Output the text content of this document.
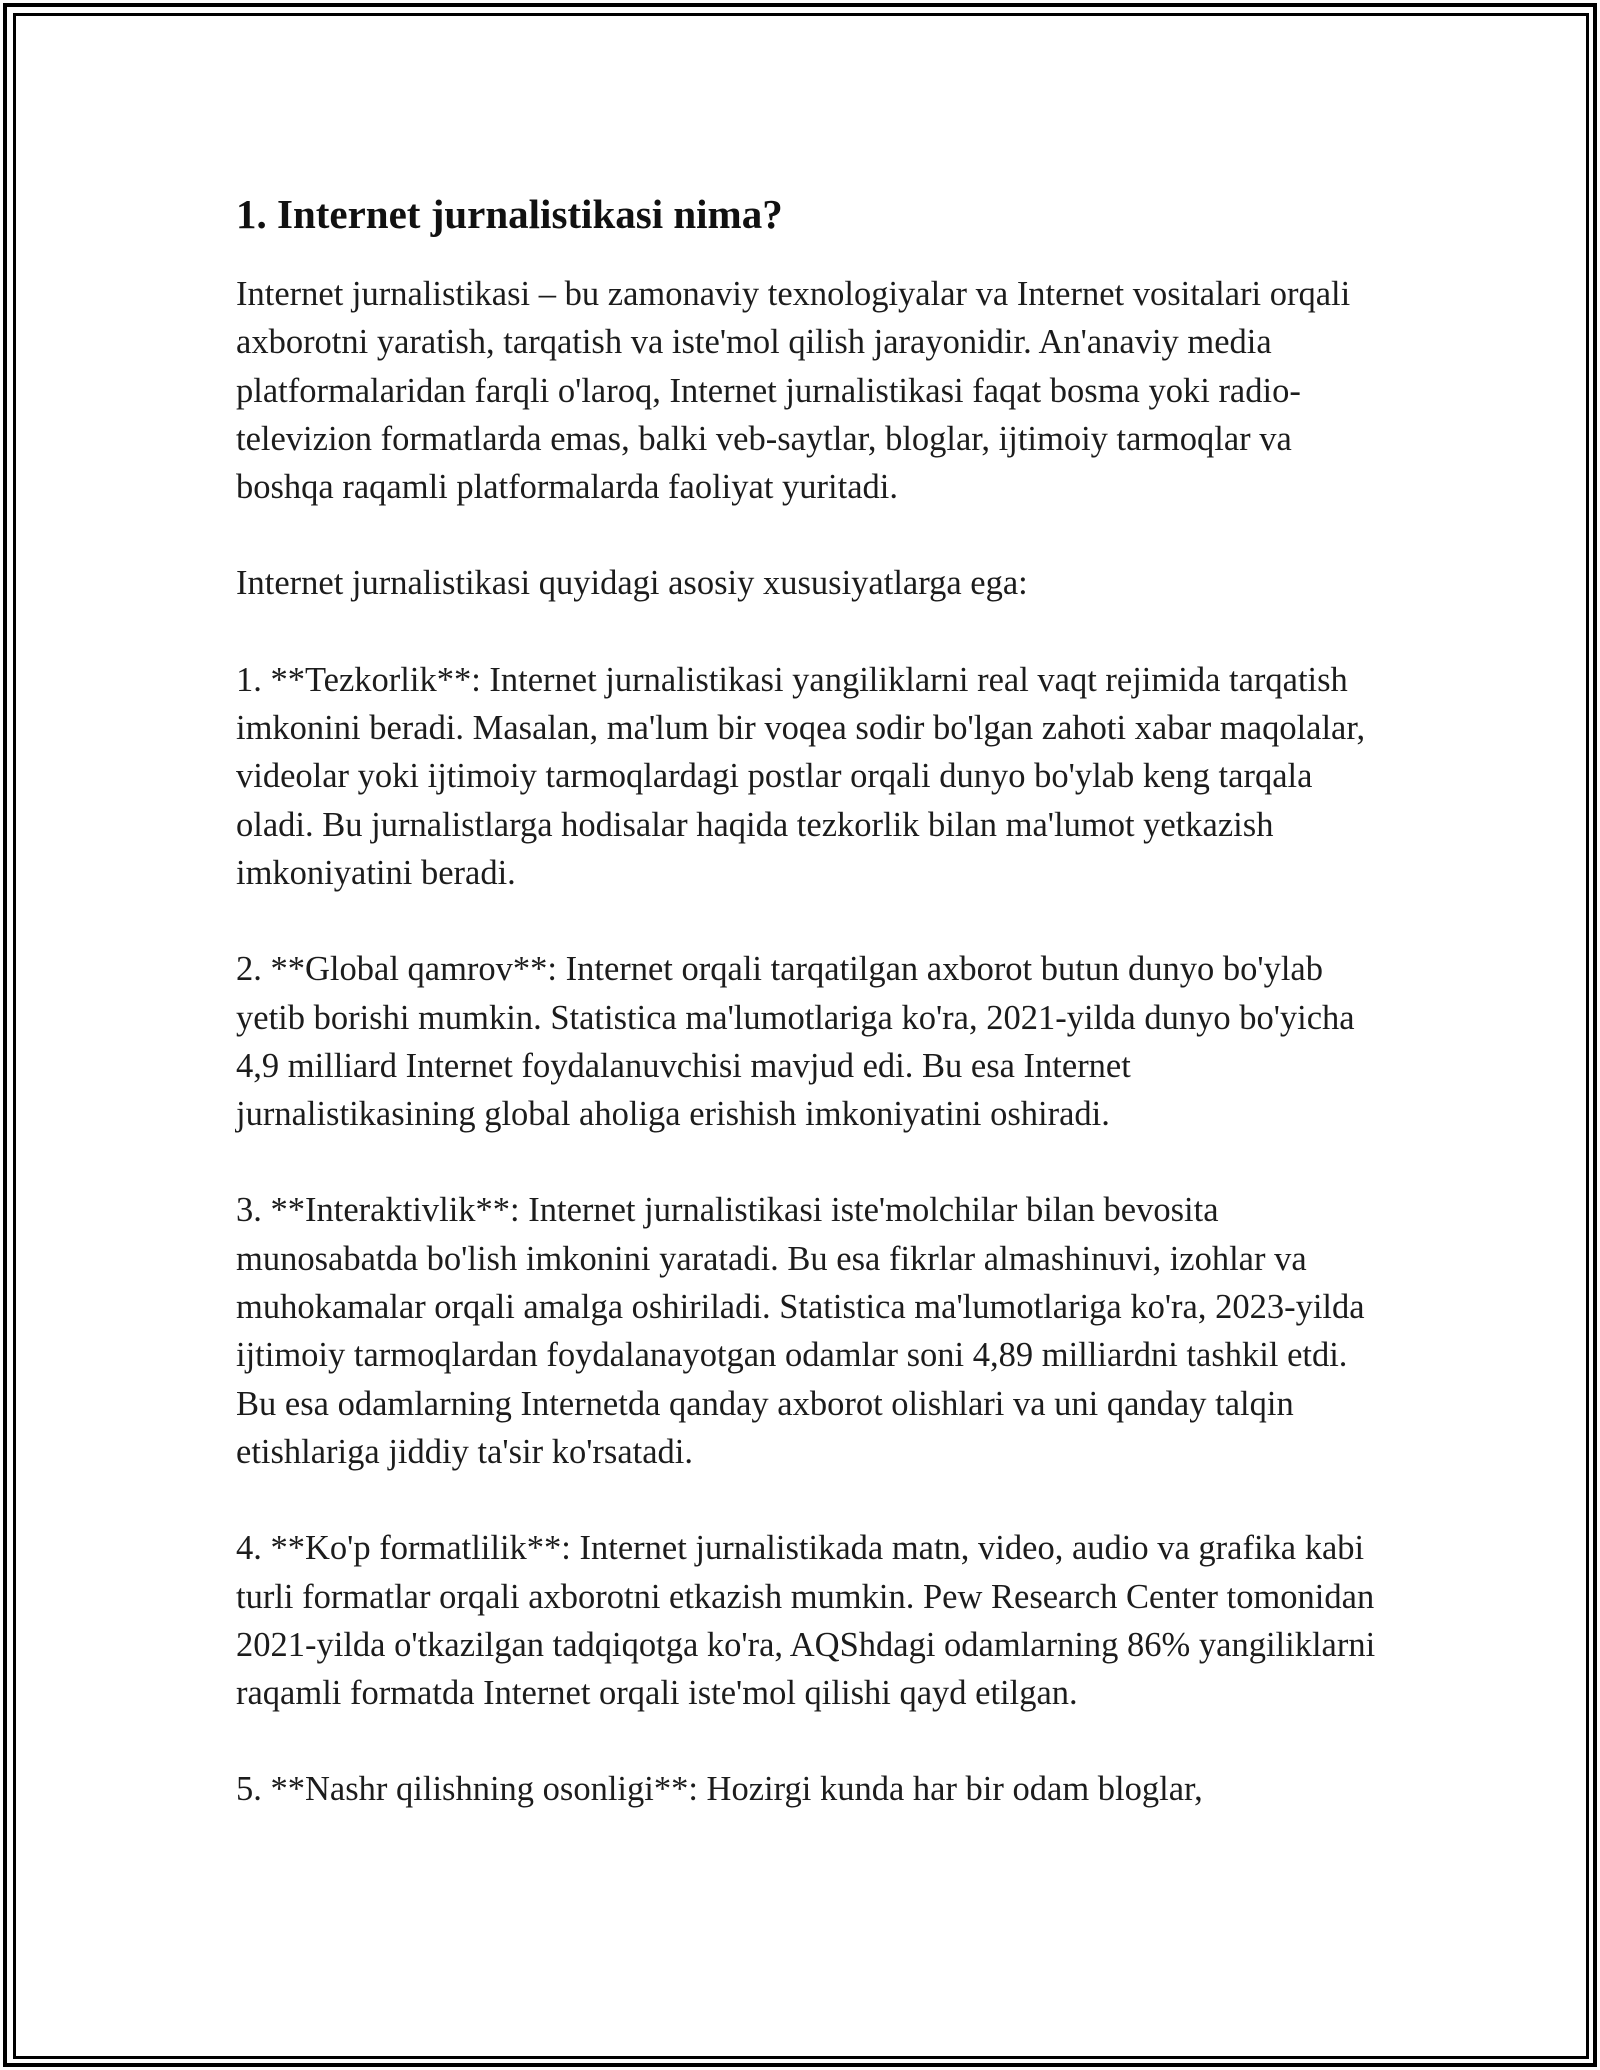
1. Internet jurnalistikasi nima?

Internet jurnalistikasi – bu zamonaviy texnologiyalar va Internet vositalari orqali axborotni yaratish, tarqatish va iste'mol qilish jarayonidir. An'anaviy media platformalaridan farqli o'laroq, Internet jurnalistikasi faqat bosma yoki radio-televizion formatlarda emas, balki veb-saytlar, bloglar, ijtimoiy tarmoqlar va boshqa raqamli platformalarda faoliyat yuritadi.

Internet jurnalistikasi quyidagi asosiy xususiyatlarga ega:

1. **Tezkorlik**: Internet jurnalistikasi yangiliklarni real vaqt rejimida tarqatish imkonini beradi. Masalan, ma'lum bir voqea sodir bo'lgan zahoti xabar maqolalar, videolar yoki ijtimoiy tarmoqlardagi postlar orqali dunyo bo'ylab keng tarqala oladi. Bu jurnalistlarga hodisalar haqida tezkorlik bilan ma'lumot yetkazish imkoniyatini beradi.

2. **Global qamrov**: Internet orqali tarqatilgan axborot butun dunyo bo'ylab yetib borishi mumkin. Statistica ma'lumotlariga ko'ra, 2021-yilda dunyo bo'yicha 4,9 milliard Internet foydalanuvchisi mavjud edi. Bu esa Internet jurnalistikasining global aholiga erishish imkoniyatini oshiradi.

3. **Interaktivlik**: Internet jurnalistikasi iste'molchilar bilan bevosita munosabatda bo'lish imkonini yaratadi. Bu esa fikrlar almashinuvi, izohlar va muhokamalar orqali amalga oshiriladi. Statistica ma'lumotlariga ko'ra, 2023-yilda ijtimoiy tarmoqlardan foydalanayotgan odamlar soni 4,89 milliardni tashkil etdi. Bu esa odamlarning Internetda qanday axborot olishlari va uni qanday talqin etishlariga jiddiy ta'sir ko'rsatadi.

4. **Ko'p formatlilik**: Internet jurnalistikada matn, video, audio va grafika kabi turli formatlar orqali axborotni etkazish mumkin. Pew Research Center tomonidan 2021-yilda o'tkazilgan tadqiqotga ko'ra, AQShdagi odamlarning 86% yangiliklarni raqamli formatda Internet orqali iste'mol qilishi qayd etilgan.

5. **Nashr qilishning osonligi**: Hozirgi kunda har bir odam bloglar,
